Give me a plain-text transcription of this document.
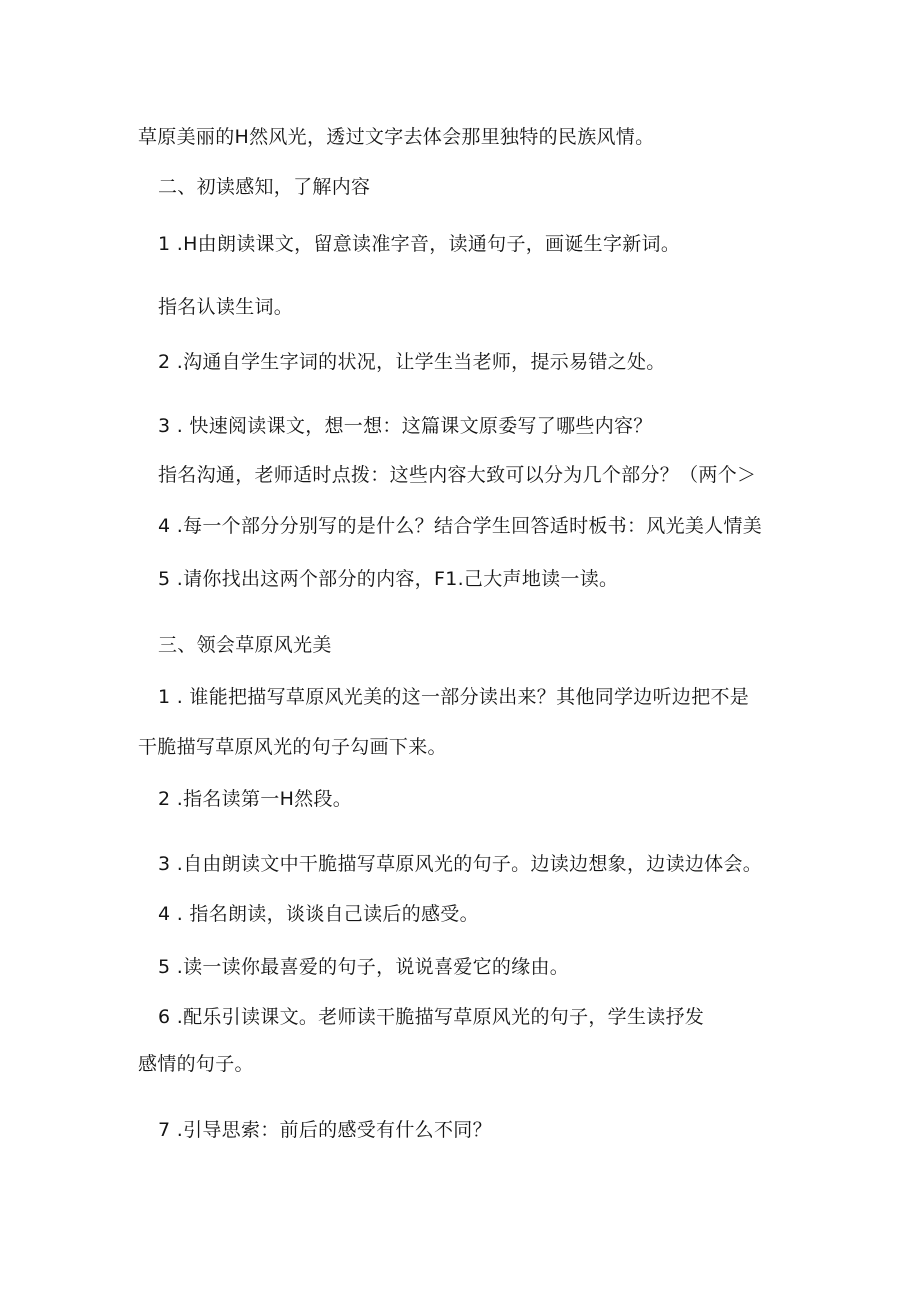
草原美丽的H然风光，透过文字去体会那里独特的民族风情。
二、初读感知，了解内容
1 .H由朗读课文，留意读准字音，读通句子，画诞生字新词。
指名认读生词。
2 .沟通自学生字词的状况，让学生当老师，提示易错之处。
3 . 快速阅读课文，想一想：这篇课文原委写了哪些内容？
指名沟通，老师适时点拨：这些内容大致可以分为几个部分？（两个＞
4 .每一个部分分别写的是什么？结合学生回答适时板书：风光美人情美
5 .请你找出这两个部分的内容，F1.己大声地读一读。
三、领会草原风光美
1 . 谁能把描写草原风光美的这一部分读出来？其他同学边听边把不是
干脆描写草原风光的句子勾画下来。
2 .指名读第一H然段。
3 .自由朗读文中干脆描写草原风光的句子。边读边想象，边读边体会。
4 . 指名朗读，谈谈自己读后的感受。
5 .读一读你最喜爱的句子，说说喜爱它的缘由。
6 .配乐引读课文。老师读干脆描写草原风光的句子，学生读抒发
感情的句子。
7 .引导思索：前后的感受有什么不同？
